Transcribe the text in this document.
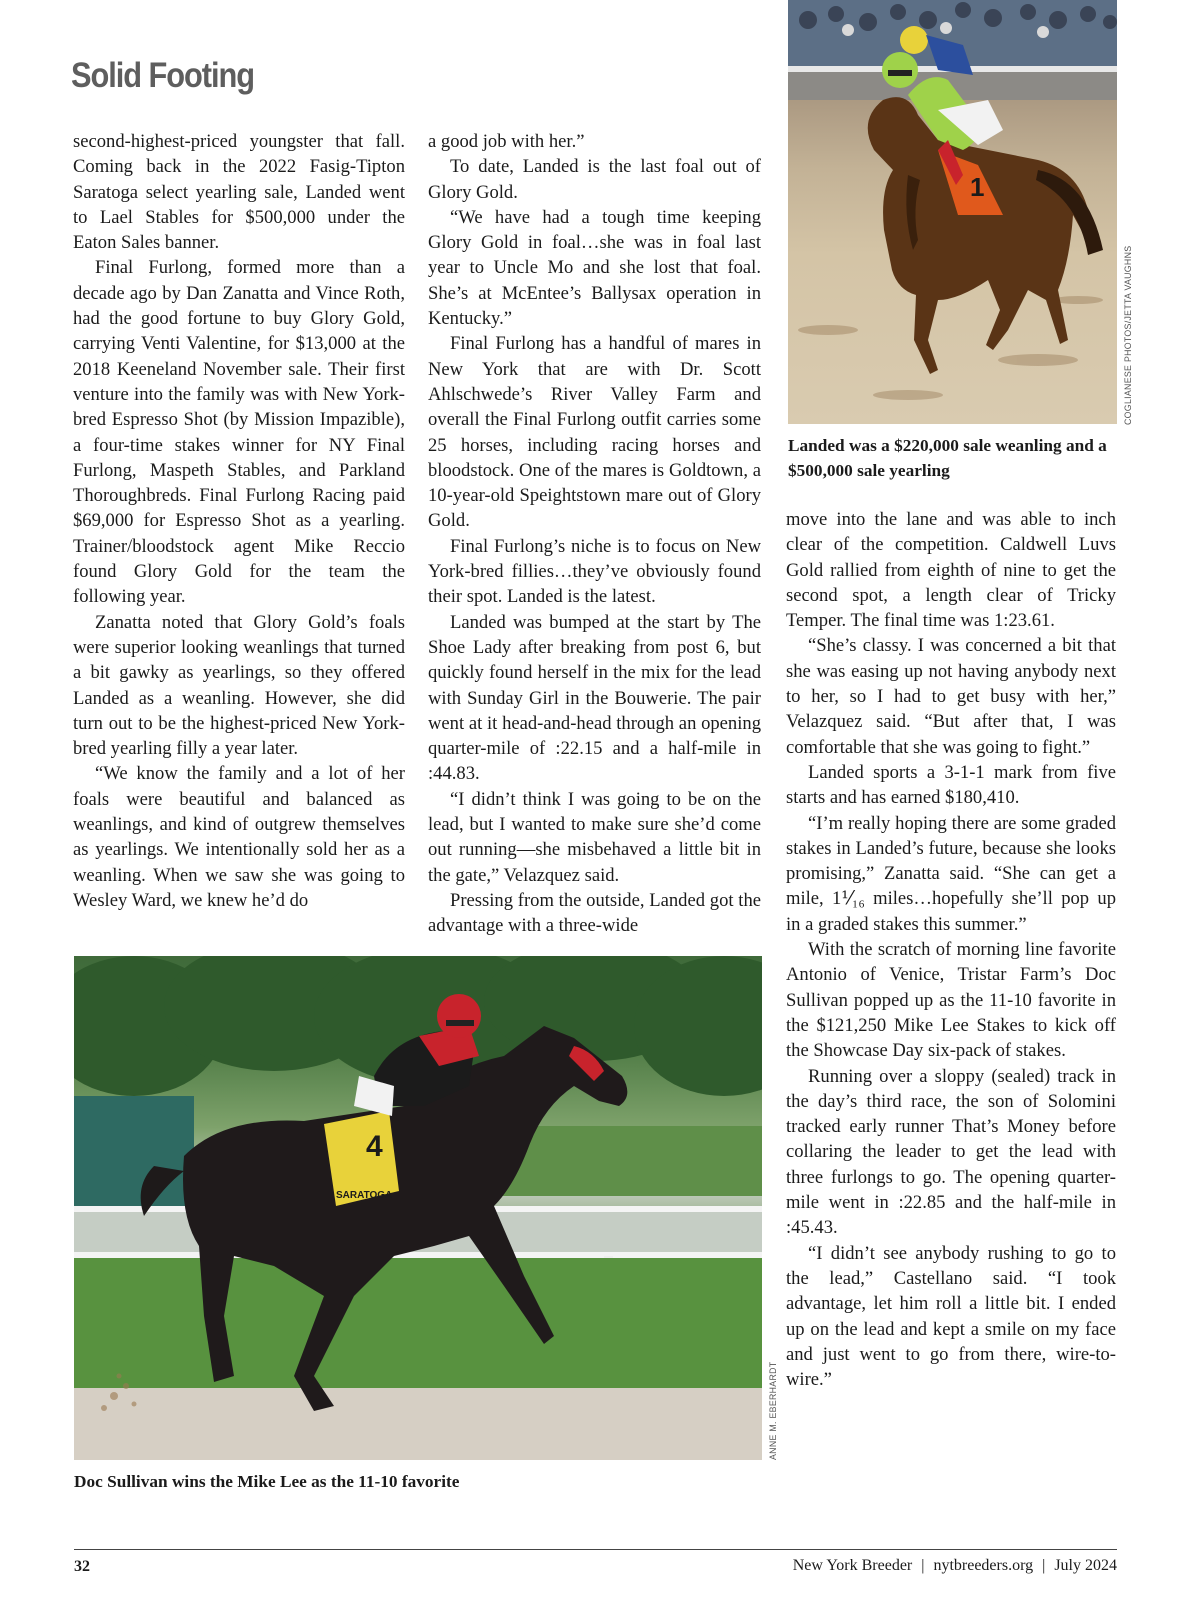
Solid Footing

second-highest-priced youngster that fall. Coming back in the 2022 Fasig-Tipton Saratoga select yearling sale, Landed went to Lael Stables for $500,000 under the Eaton Sales banner.

Final Furlong, formed more than a decade ago by Dan Zanatta and Vince Roth, had the good fortune to buy Glory Gold, carrying Venti Valentine, for $13,000 at the 2018 Keeneland November sale. Their first venture into the family was with New York-bred Espresso Shot (by Mission Impazible), a four-time stakes winner for NY Final Furlong, Maspeth Stables, and Parkland Thoroughbreds. Final Furlong Racing paid $69,000 for Espresso Shot as a yearling. Trainer/bloodstock agent Mike Reccio found Glory Gold for the team the following year.

Zanatta noted that Glory Gold’s foals were superior looking weanlings that turned a bit gawky as yearlings, so they offered Landed as a weanling. However, she did turn out to be the highest-priced New York-bred yearling filly a year later.

“We know the family and a lot of her foals were beautiful and balanced as weanlings, and kind of outgrew themselves as yearlings. We intentionally sold her as a weanling. When we saw she was going to Wesley Ward, we knew he’d do

a good job with her.”

To date, Landed is the last foal out of Glory Gold.

“We have had a tough time keeping Glory Gold in foal…she was in foal last year to Uncle Mo and she lost that foal. She’s at McEntee’s Ballysax operation in Kentucky.”

Final Furlong has a handful of mares in New York that are with Dr. Scott Ahlschwede’s River Valley Farm and overall the Final Furlong outfit carries some 25 horses, including racing horses and bloodstock. One of the mares is Goldtown, a 10-year-old Speightstown mare out of Glory Gold.

Final Furlong’s niche is to focus on New York-bred fillies…they’ve obviously found their spot. Landed is the latest.

Landed was bumped at the start by The Shoe Lady after breaking from post 6, but quickly found herself in the mix for the lead with Sunday Girl in the Bouwerie. The pair went at it head-and-head through an opening quarter-mile of :22.15 and a half-mile in :44.83.

“I didn’t think I was going to be on the lead, but I wanted to make sure she’d come out running—she misbehaved a little bit in the gate,” Velazquez said.

Pressing from the outside, Landed got the advantage with a three-wide

move into the lane and was able to inch clear of the competition. Caldwell Luvs Gold rallied from eighth of nine to get the second spot, a length clear of Tricky Temper. The final time was 1:23.61.

“She’s classy. I was concerned a bit that she was easing up not having anybody next to her, so I had to get busy with her,” Velazquez said. “But after that, I was comfortable that she was going to fight.”

Landed sports a 3-1-1 mark from five starts and has earned $180,410.

“I’m really hoping there are some graded stakes in Landed’s future, because she looks promising,” Zanatta said. “She can get a mile, 1⅟₁₆ miles…hopefully she’ll pop up in a graded stakes this summer.”

With the scratch of morning line favorite Antonio of Venice, Tristar Farm’s Doc Sullivan popped up as the 11-10 favorite in the $121,250 Mike Lee Stakes to kick off the Showcase Day six-pack of stakes.

Running over a sloppy (sealed) track in the day’s third race, the son of Solomini tracked early runner That’s Money before collaring the leader to get the lead with three furlongs to go. The opening quarter-mile went in :22.85 and the half-mile in :45.43.

“I didn’t see anybody rushing to go to the lead,” Castellano said. “I took advantage, let him roll a little bit. I ended up on the lead and kept a smile on my face and just went to go from there, wire-to-wire.”

1
COGLIANESE PHOTOS/JETTA VAUGHNS
Landed was a $220,000 sale weanling and a $500,000 sale yearling
SARATOGA
4
ANNE M. EBERHARDT
Doc Sullivan wins the Mike Lee as the 11-10 favorite
32	New York Breeder | nytbreeders.org | July 2024
